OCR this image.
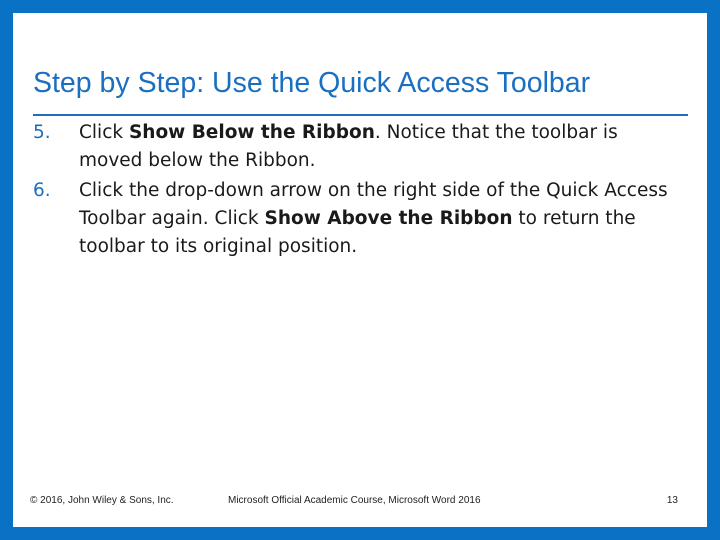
Step by Step: Use the Quick Access Toolbar
5. Click Show Below the Ribbon. Notice that the toolbar is moved below the Ribbon.
6. Click the drop-down arrow on the right side of the Quick Access Toolbar again. Click Show Above the Ribbon to return the toolbar to its original position.
© 2016, John Wiley & Sons, Inc.	Microsoft Official Academic Course, Microsoft Word 2016	13
